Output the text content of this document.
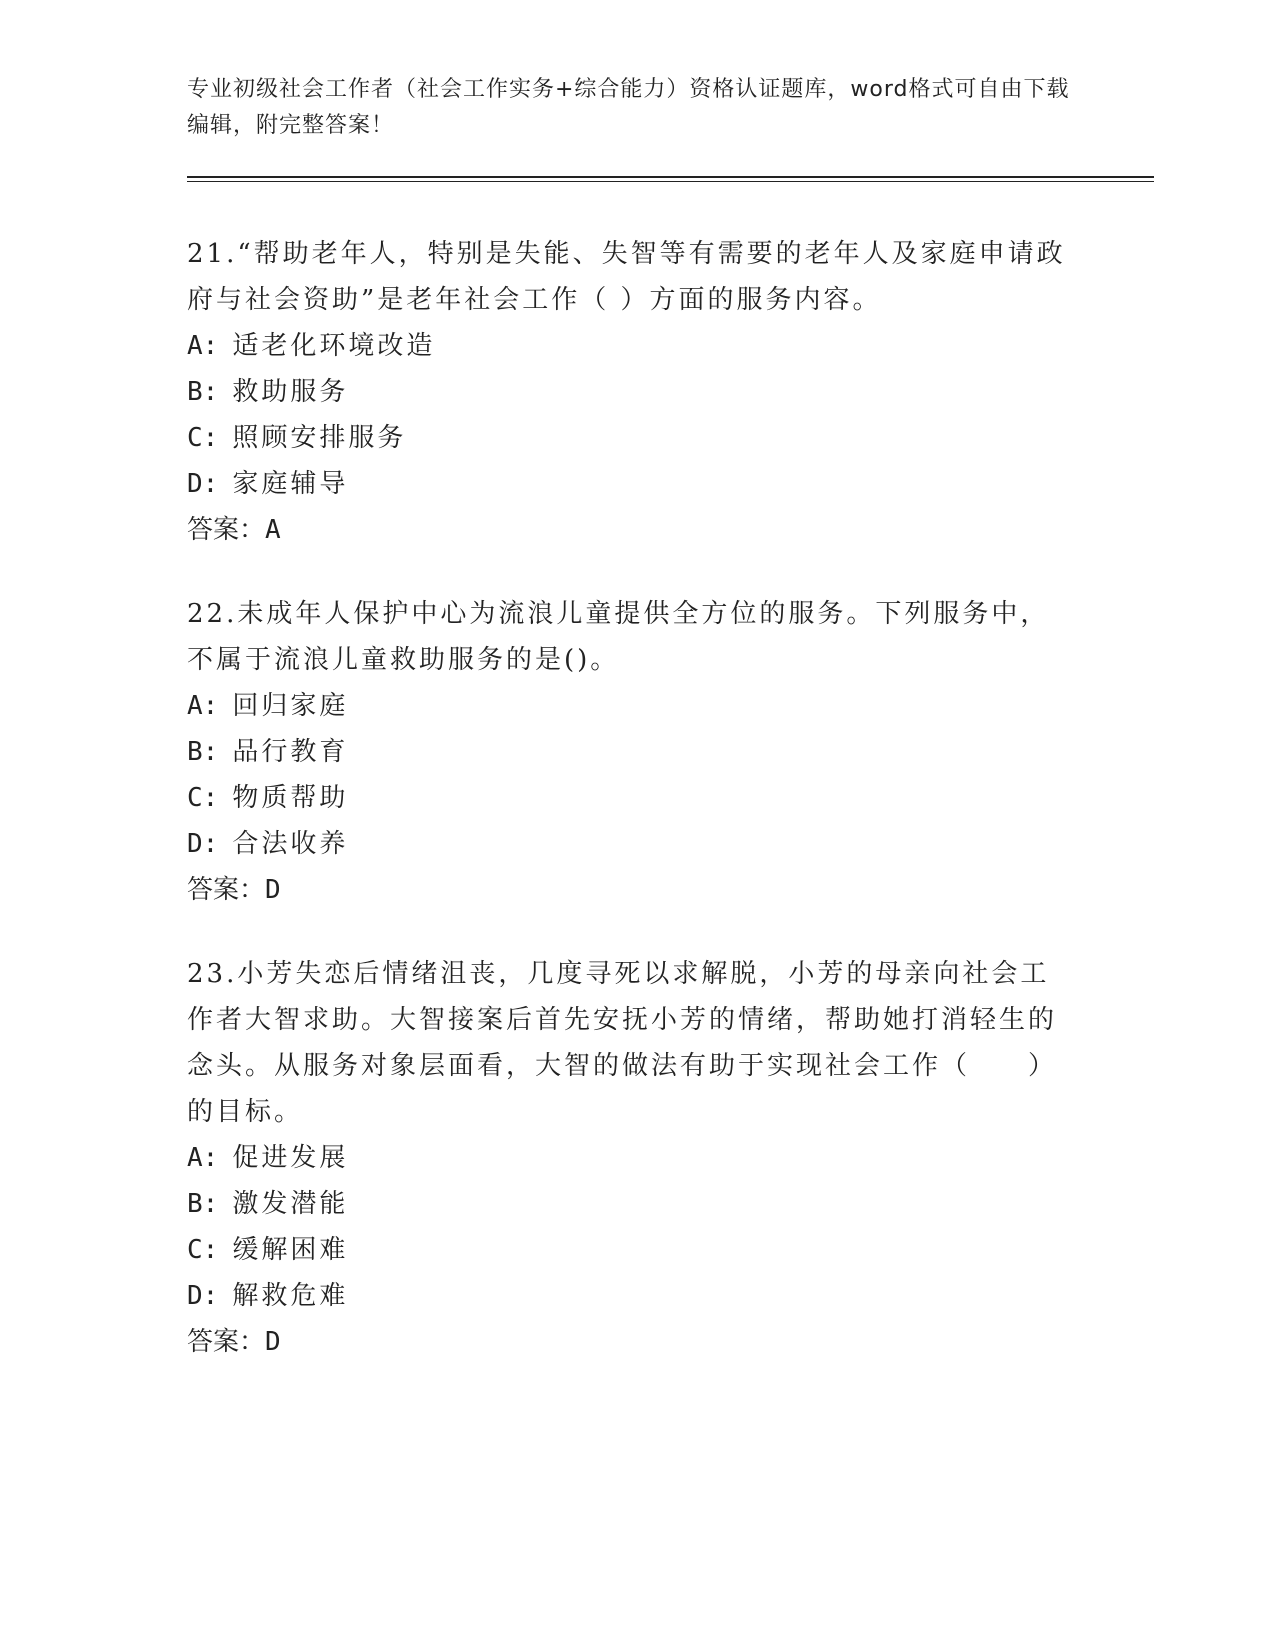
专业初级社会工作者（社会工作实务+综合能力）资格认证题库，word格式可自由下载编辑，附完整答案！

21.“帮助老年人，特别是失能、失智等有需要的老年人及家庭申请政府与社会资助”是老年社会工作（ ）方面的服务内容。

A: 适老化环境改造

B: 救助服务

C: 照顾安排服务

D: 家庭辅导

答案：A

22.未成年人保护中心为流浪儿童提供全方位的服务。下列服务中，不属于流浪儿童救助服务的是()。

A: 回归家庭

B: 品行教育

C: 物质帮助

D: 合法收养

答案：D

23.小芳失恋后情绪沮丧，几度寻死以求解脱，小芳的母亲向社会工作者大智求助。大智接案后首先安抚小芳的情绪，帮助她打消轻生的念头。从服务对象层面看，大智的做法有助于实现社会工作（　　）的目标。

A: 促进发展

B: 激发潜能

C: 缓解困难

D: 解救危难

答案：D
